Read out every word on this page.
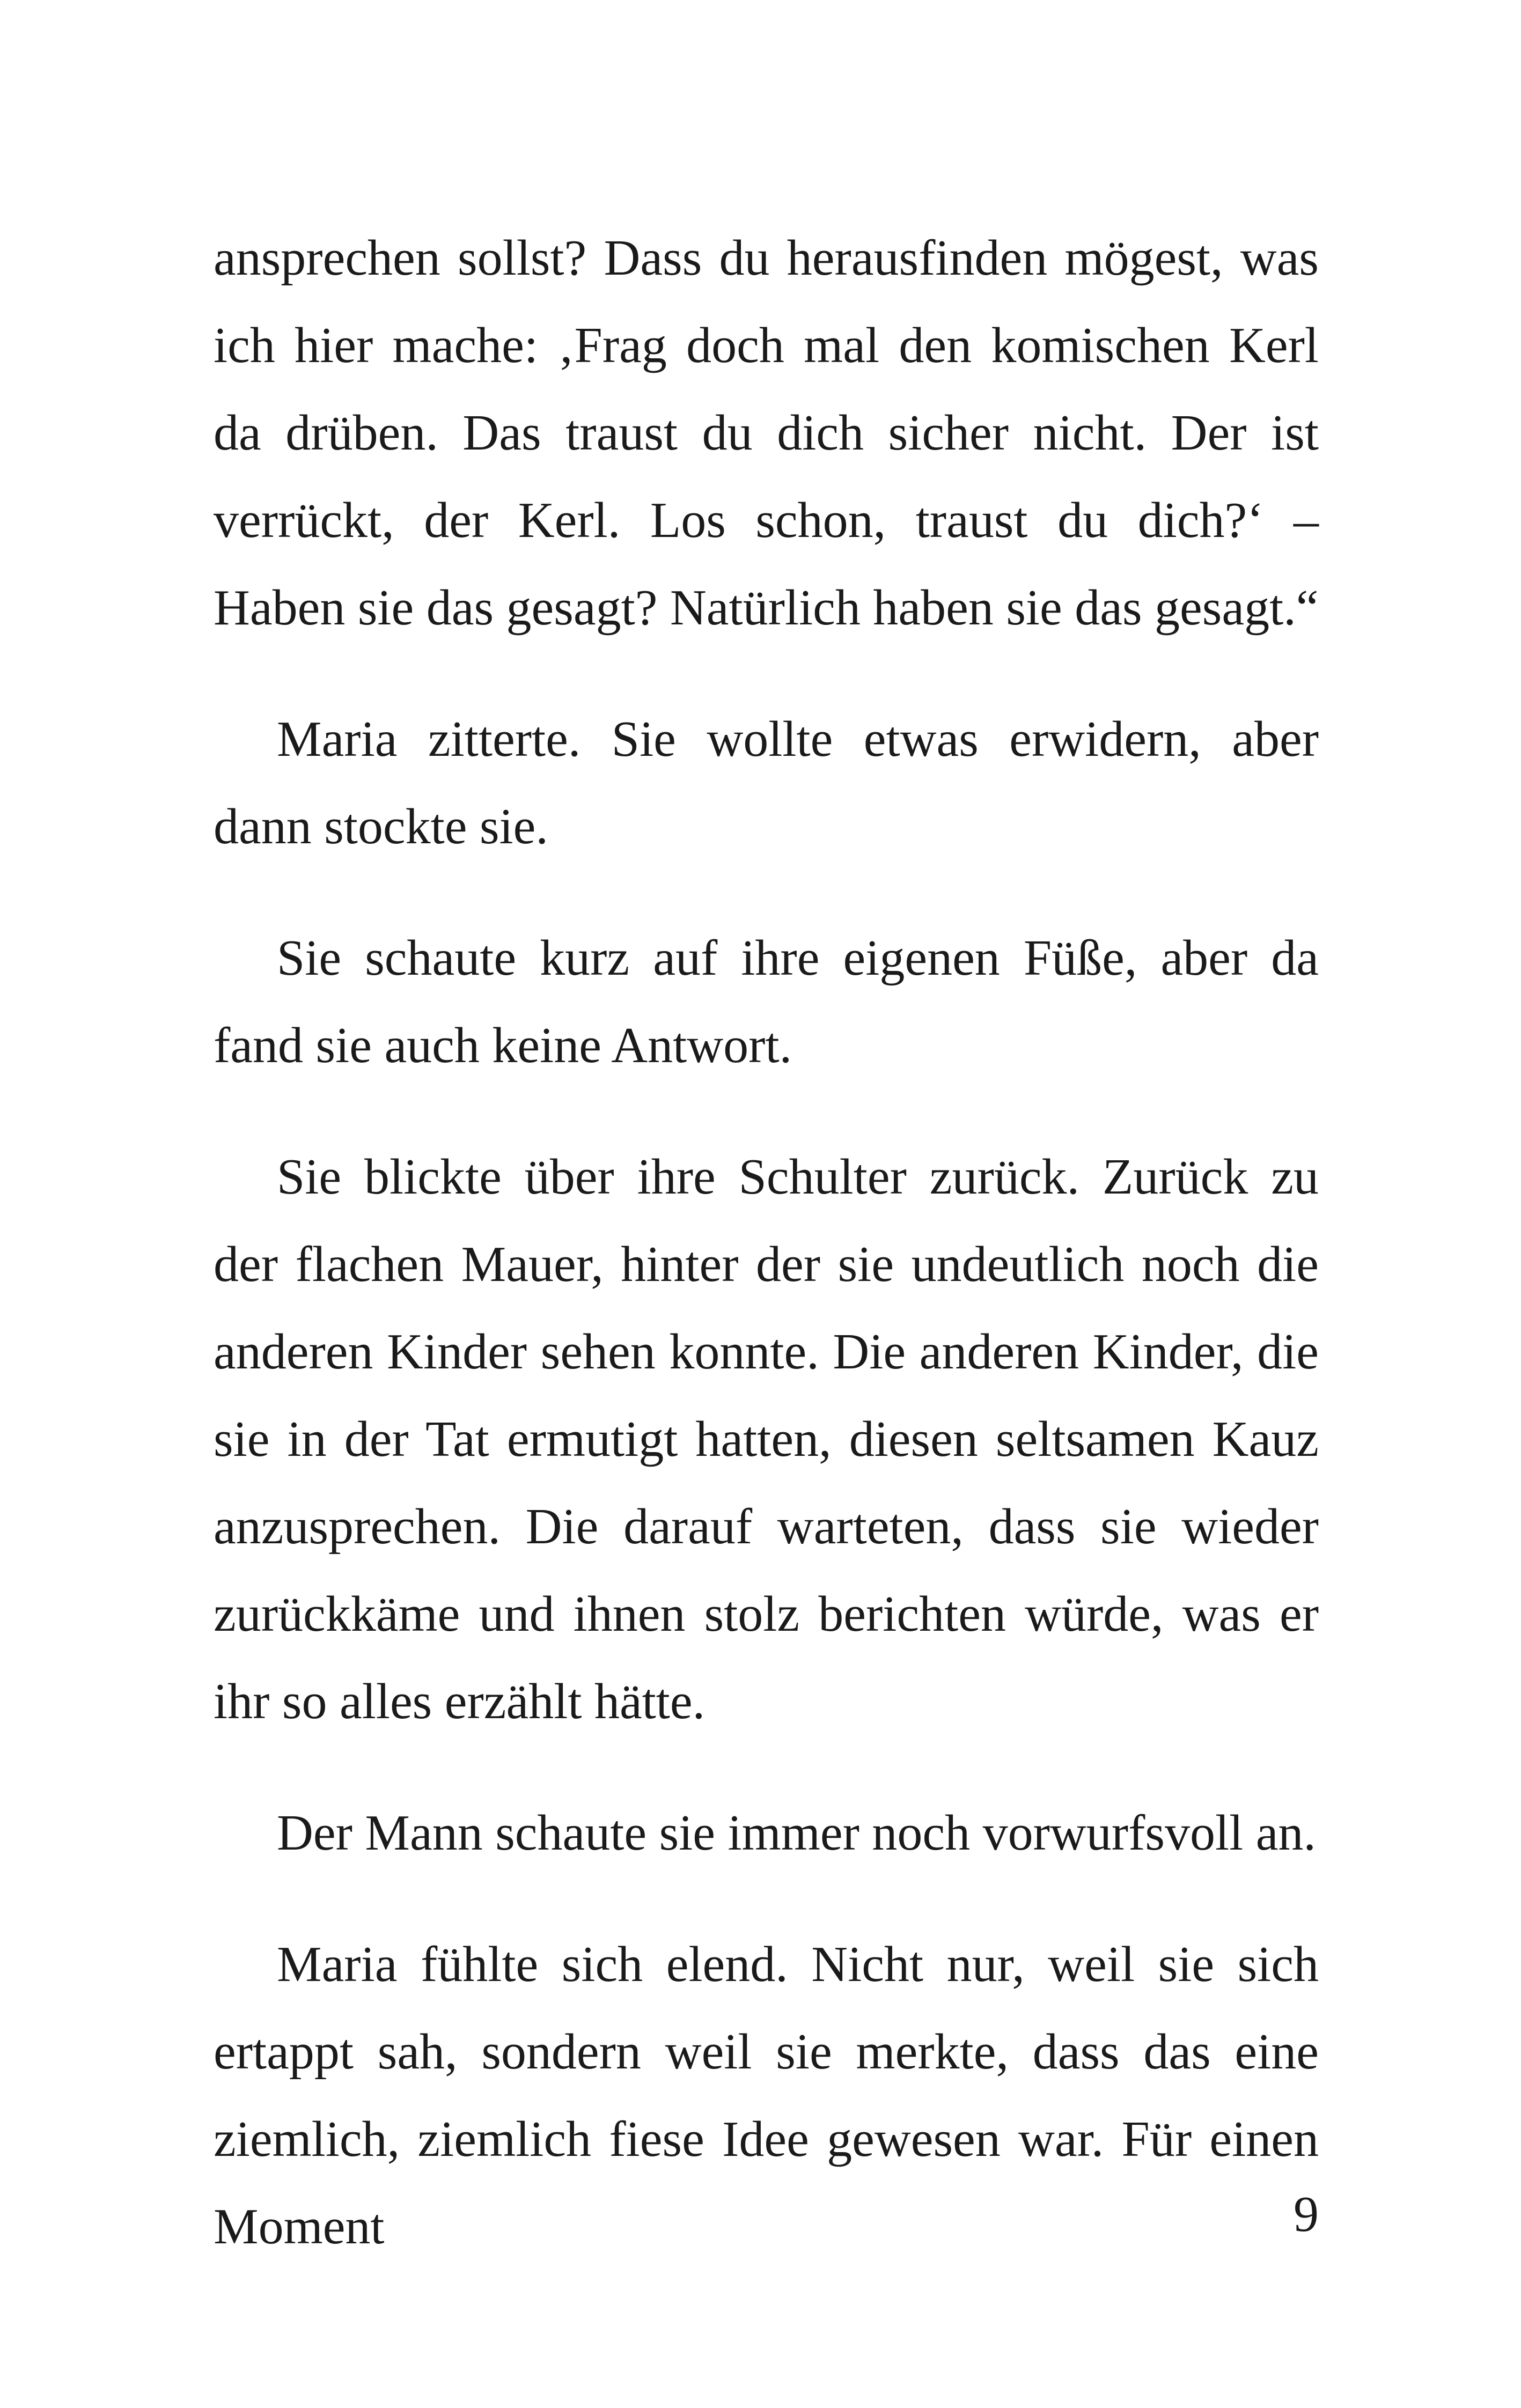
ansprechen sollst? Dass du herausfinden mögest, was ich hier mache: ‚Frag doch mal den komischen Kerl da drüben. Das traust du dich sicher nicht. Der ist verrückt, der Kerl. Los schon, traust du dich?‘ – Haben sie das gesagt? Natürlich haben sie das gesagt.“

Maria zitterte. Sie wollte etwas erwidern, aber dann stockte sie.

Sie schaute kurz auf ihre eigenen Füße, aber da fand sie auch keine Antwort.

Sie blickte über ihre Schulter zurück. Zurück zu der flachen Mauer, hinter der sie undeutlich noch die anderen Kinder sehen konnte. Die anderen Kinder, die sie in der Tat ermutigt hatten, diesen seltsamen Kauz anzusprechen. Die darauf warteten, dass sie wieder zurückkäme und ihnen stolz berichten würde, was er ihr so alles erzählt hätte.

Der Mann schaute sie immer noch vorwurfsvoll an.

Maria fühlte sich elend. Nicht nur, weil sie sich ertappt sah, sondern weil sie merkte, dass das eine ziemlich, ziemlich fiese Idee gewesen war. Für einen Moment	9
